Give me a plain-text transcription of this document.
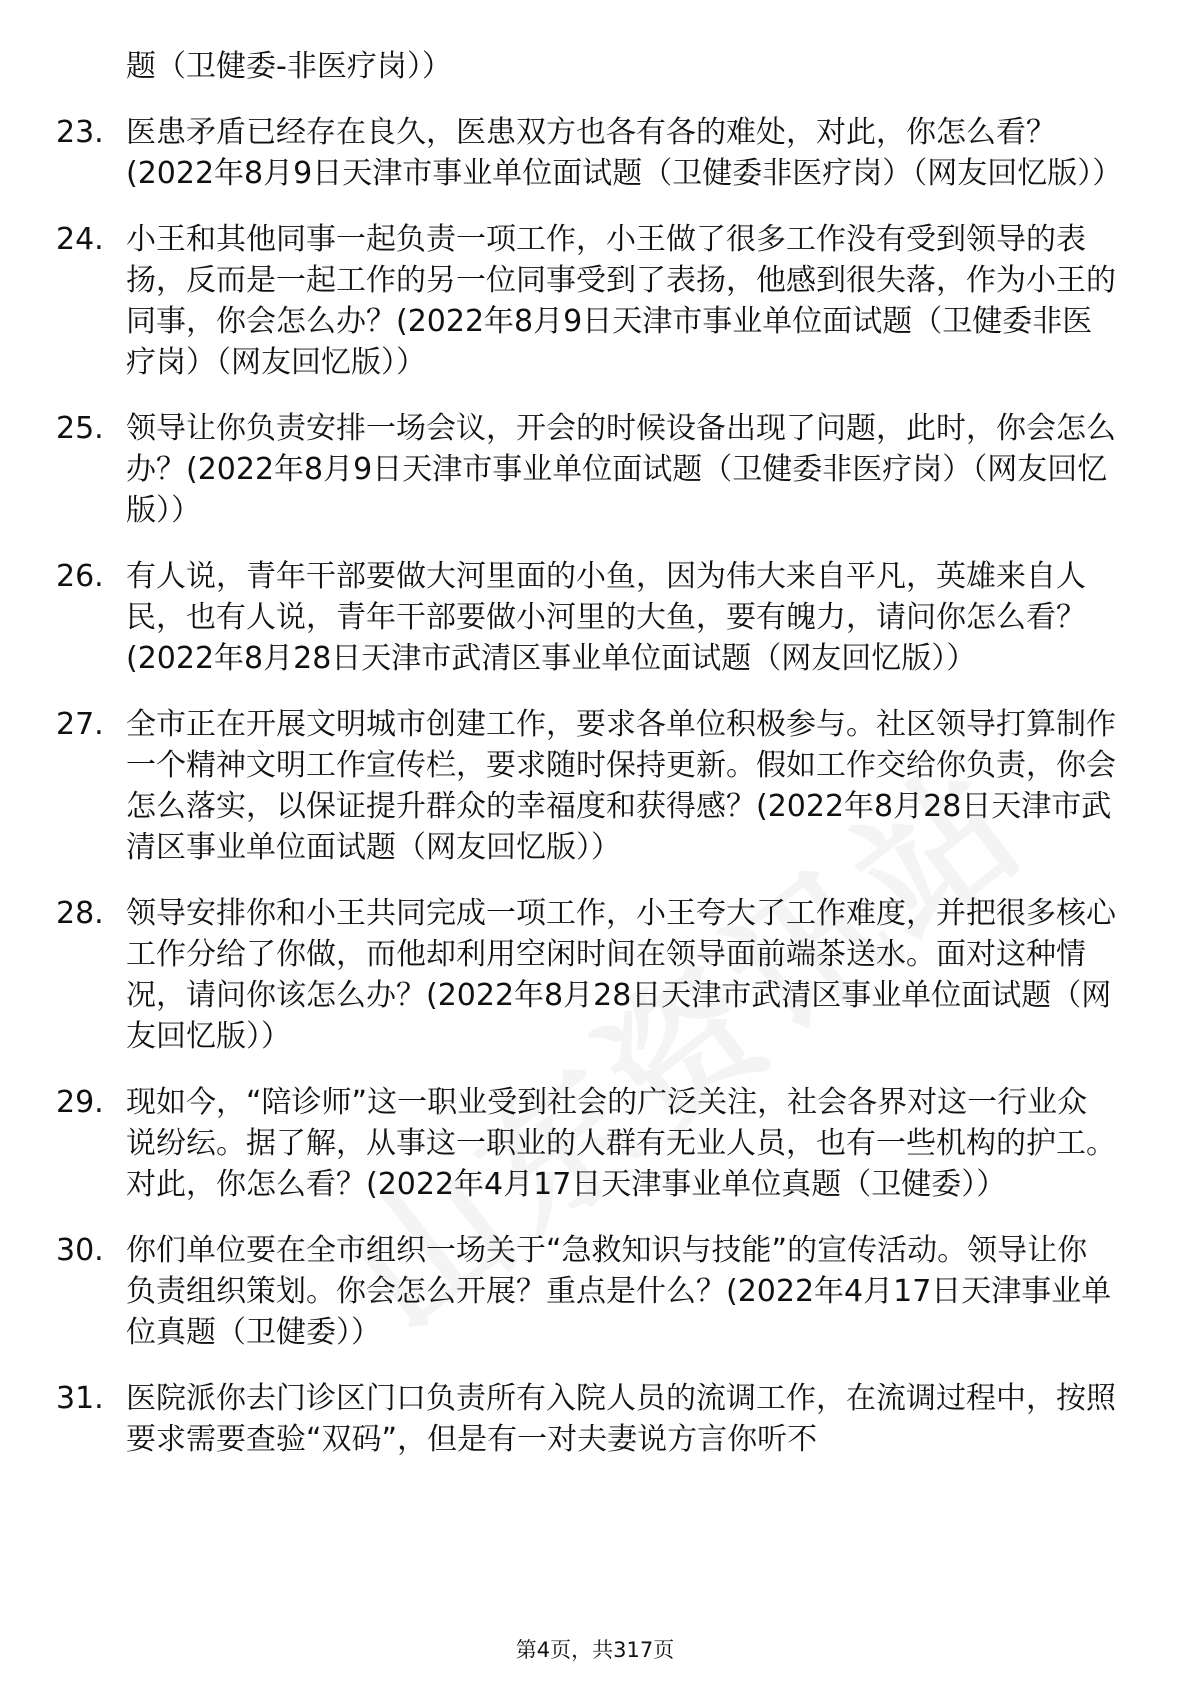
题（卫健委-非医疗岗））
23. 医患矛盾已经存在良久，医患双方也各有各的难处，对此，你怎么看？(2022年8月9日天津市事业单位面试题（卫健委非医疗岗）（网友回忆版））
24. 小王和其他同事一起负责一项工作，小王做了很多工作没有受到领导的表扬，反而是一起工作的另一位同事受到了表扬，他感到很失落，作为小王的同事，你会怎么办？(2022年8月9日天津市事业单位面试题（卫健委非医疗岗）（网友回忆版））
25. 领导让你负责安排一场会议，开会的时候设备出现了问题，此时，你会怎么办？(2022年8月9日天津市事业单位面试题（卫健委非医疗岗）（网友回忆版））
26. 有人说，青年干部要做大河里面的小鱼，因为伟大来自平凡，英雄来自人民，也有人说，青年干部要做小河里的大鱼，要有魄力，请问你怎么看？(2022年8月28日天津市武清区事业单位面试题（网友回忆版））
27. 全市正在开展文明城市创建工作，要求各单位积极参与。社区领导打算制作一个精神文明工作宣传栏，要求随时保持更新。假如工作交给你负责，你会怎么落实，以保证提升群众的幸福度和获得感？(2022年8月28日天津市武清区事业单位面试题（网友回忆版））
28. 领导安排你和小王共同完成一项工作，小王夸大了工作难度，并把很多核心工作分给了你做，而他却利用空闲时间在领导面前端茶送水。面对这种情况，请问你该怎么办？(2022年8月28日天津市武清区事业单位面试题（网友回忆版））
29. 现如今，“陪诊师”这一职业受到社会的广泛关注，社会各界对这一行业众说纷纭。据了解，从事这一职业的人群有无业人员，也有一些机构的护工。对此，你怎么看？(2022年4月17日天津事业单位真题（卫健委））
30. 你们单位要在全市组织一场关于“急救知识与技能”的宣传活动。领导让你负责组织策划。你会怎么开展？重点是什么？(2022年4月17日天津事业单位真题（卫健委））
31. 医院派你去门诊区门口负责所有入院人员的流调工作，在流调过程中，按照要求需要查验“双码”，但是有一对夫妻说方言你听不
第4页，共317页
